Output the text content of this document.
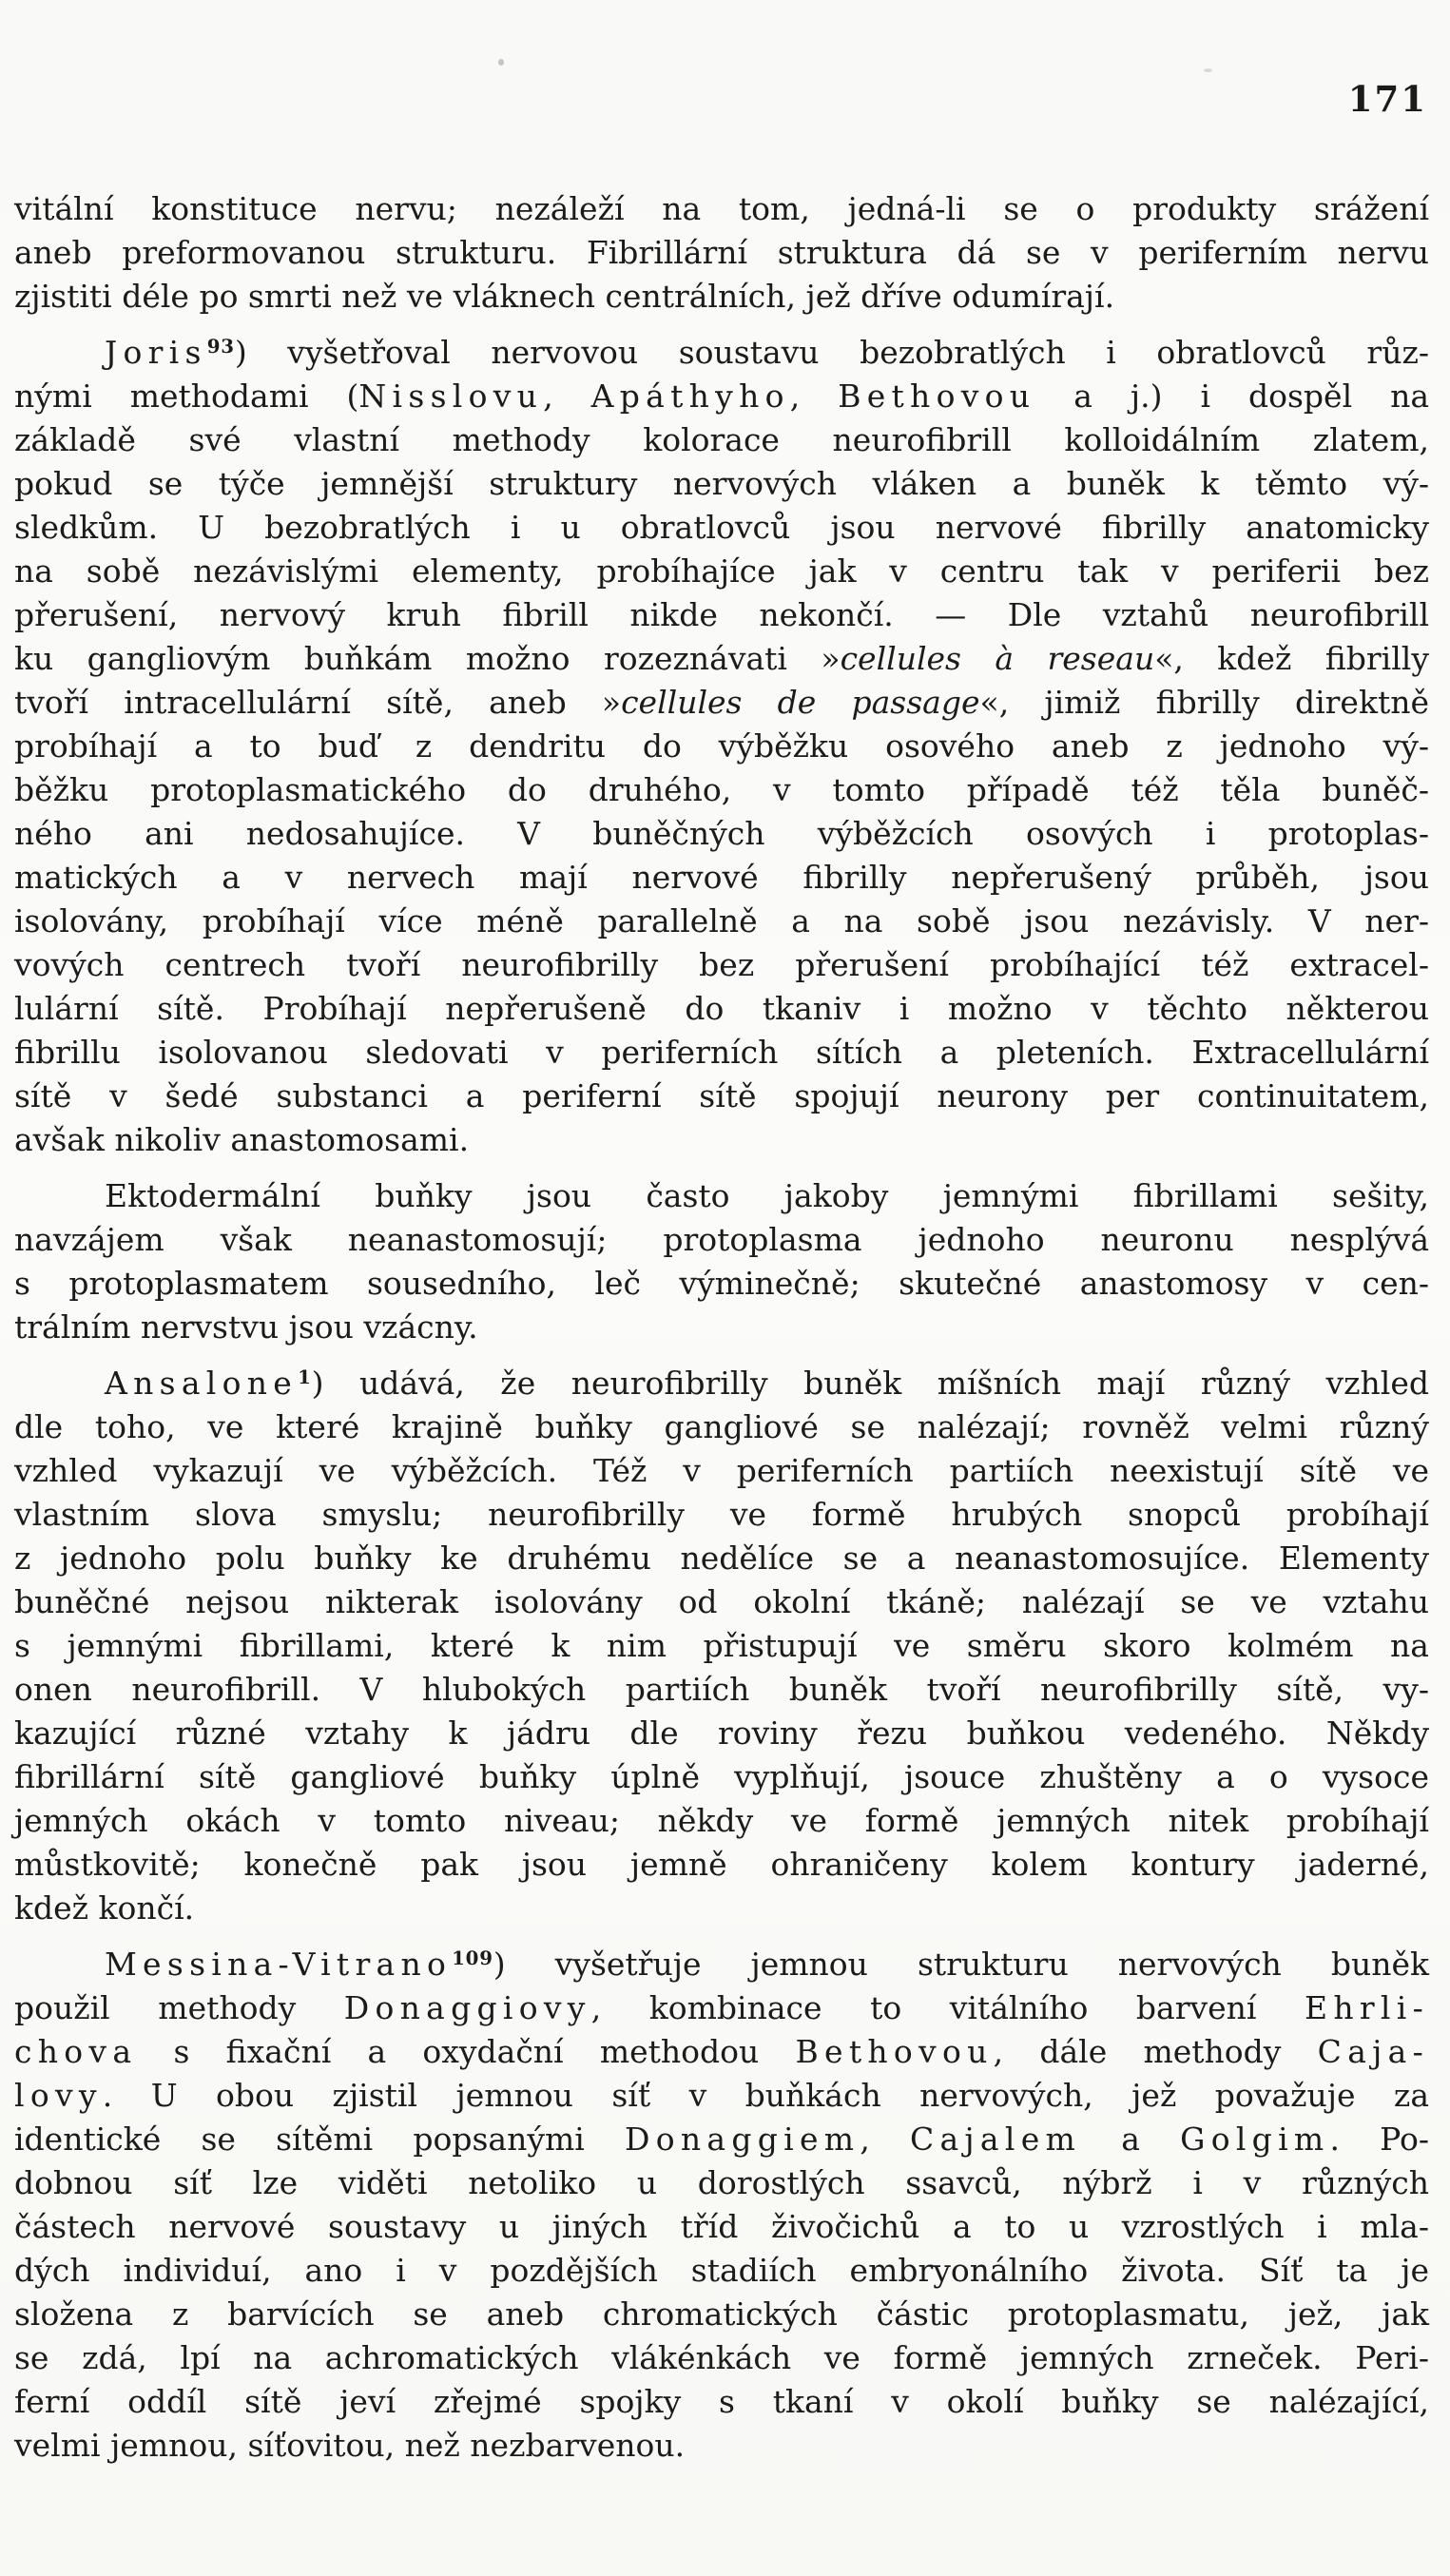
171
vitální konstituce nervu; nezáleží na tom, jedná-li se o produkty srážení
aneb preformovanou strukturu. Fibrillární struktura dá se v periferním nervu
zjistiti déle po smrti než ve vláknech centrálních, jež dříve odumírají.
Joris$^{93}$) vyšetřoval nervovou soustavu bezobratlých i obratlovců růz-
nými methodami (Nisslovu, Apáthyho, Bethovou a j.) i dospěl na
základě své vlastní methody kolorace neurofibrill kolloidálním zlatem,
pokud se týče jemnější struktury nervových vláken a buněk k těmto vý-
sledkům. U bezobratlých i u obratlovců jsou nervové fibrilly anatomicky
na sobě nezávislými elementy, probíhajíce jak v centru tak v periferii bez
přerušení, nervový kruh fibrill nikde nekončí. — Dle vztahů neurofibrill
ku gangliovým buňkám možno rozeznávati »cellules à reseau«, kdež fibrilly
tvoří intracellulární sítě, aneb »cellules de passage«, jimiž fibrilly direktně
probíhají a to buď z dendritu do výběžku osového aneb z jednoho vý-
běžku protoplasmatického do druhého, v tomto případě též těla buněč-
ného ani nedosahujíce. V buněčných výběžcích osových i protoplas-
matických a v nervech mají nervové fibrilly nepřerušený průběh, jsou
isolovány, probíhají více méně parallelně a na sobě jsou nezávisly. V ner-
vových centrech tvoří neurofibrilly bez přerušení probíhající též extracel-
lulární sítě. Probíhají nepřerušeně do tkaniv i možno v těchto některou
fibrillu isolovanou sledovati v periferních sítích a pleteních. Extracellulární
sítě v šedé substanci a periferní sítě spojují neurony per continuitatem,
avšak nikoliv anastomosami.
Ektodermální buňky jsou často jakoby jemnými fibrillami sešity,
navzájem však neanastomosují; protoplasma jednoho neuronu nesplývá
s protoplasmatem sousedního, leč výminečně; skutečné anastomosy v cen-
trálním nervstvu jsou vzácny.
Ansalone$^1$) udává, že neurofibrilly buněk míšních mají různý vzhled
dle toho, ve které krajině buňky gangliové se nalézají; rovněž velmi různý
vzhled vykazují ve výběžcích. Též v periferních partiích neexistují sítě ve
vlastním slova smyslu; neurofibrilly ve formě hrubých snopců probíhají
z jednoho polu buňky ke druhému nedělíce se a neanastomosujíce. Elementy
buněčné nejsou nikterak isolovány od okolní tkáně; nalézají se ve vztahu
s jemnými fibrillami, které k nim přistupují ve směru skoro kolmém na
onen neurofibrill. V hlubokých partiích buněk tvoří neurofibrilly sítě, vy-
kazující různé vztahy k jádru dle roviny řezu buňkou vedeného. Někdy
fibrillární sítě gangliové buňky úplně vyplňují, jsouce zhuštěny a o vysoce
jemných okách v tomto niveau; někdy ve formě jemných nitek probíhají
můstkovitě; konečně pak jsou jemně ohraničeny kolem kontury jaderné,
kdež končí.
Messina-Vitrano$^{109}$) vyšetřuje jemnou strukturu nervových buněk
použil methody Donaggiovy, kombinace to vitálního barvení Ehrli-
chova s fixační a oxydační methodou Bethovou, dále methody Caja-
lovy. U obou zjistil jemnou síť v buňkách nervových, jež považuje za
identické se sítěmi popsanými Donaggiem, Cajalem a Golgim. Po-
dobnou síť lze viděti netoliko u dorostlých ssavců, nýbrž i v různých
částech nervové soustavy u jiných tříd živočichů a to u vzrostlých i mla-
dých individuí, ano i v pozdějších stadiích embryonálního života. Síť ta je
složena z barvících se aneb chromatických částic protoplasmatu, jež, jak
se zdá, lpí na achromatických vlákénkách ve formě jemných zrneček. Peri-
ferní oddíl sítě jeví zřejmé spojky s tkaní v okolí buňky se nalézající,
velmi jemnou, síťovitou, než nezbarvenou.
